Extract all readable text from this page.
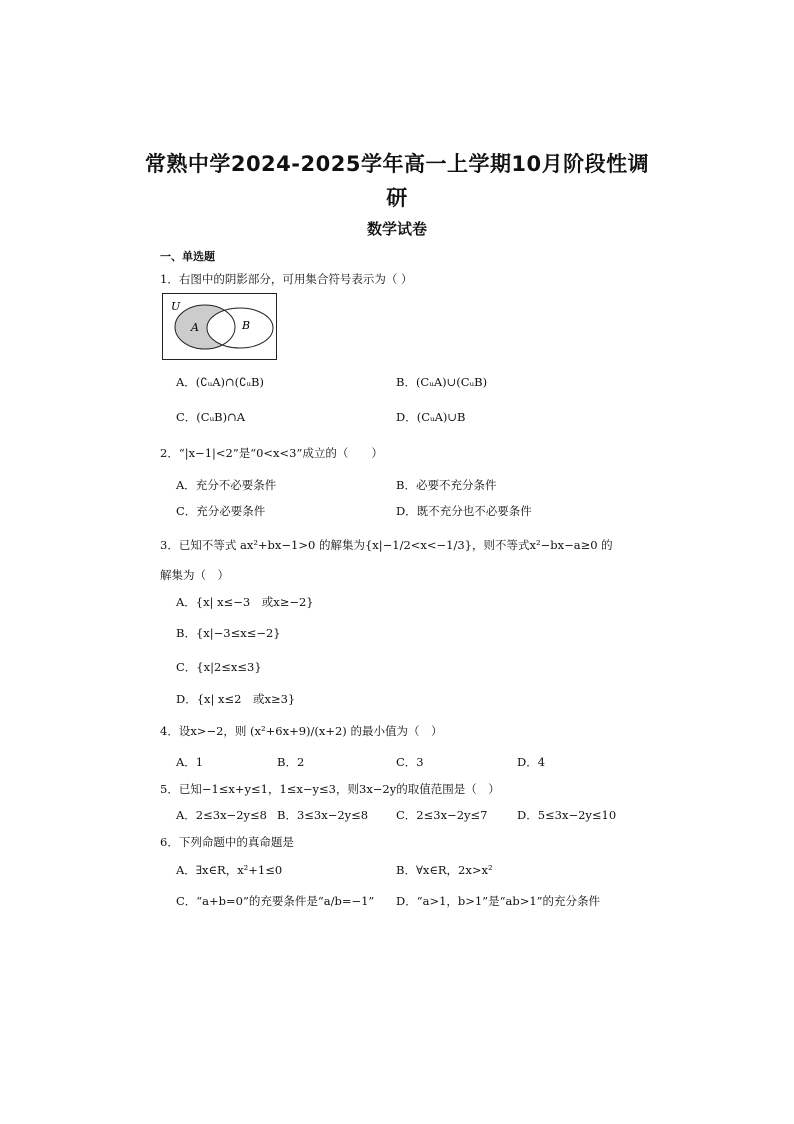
常熟中学2024-2025学年高一上学期10月阶段性调
研
数学试卷
一、单选题
1．右图中的阴影部分，可用集合符号表示为（ ）
U
A	B
A．(∁ᵤA)∩(∁ᵤB)	B．(CᵤA)∪(CᵤB)
C．(CᵤB)∩A	D．(CᵤA)∪B
2．“|x−1|<2”是“0<x<3”成立的（　　）
A．充分不必要条件	B．必要不充分条件
C．充分必要条件	D．既不充分也不必要条件
3．已知不等式 ax²+bx−1>0 的解集为{x|−1/2<x<−1/3}，则不等式x²−bx−a≥0 的
解集为（　）
A．{x| x≤−3　或x≥−2}
B．{x|−3≤x≤−2}
C．{x|2≤x≤3}
D．{x| x≤2　或x≥3}
4．设x>−2，则 (x²+6x+9)/(x+2) 的最小值为（　）
A．1	B．2	C．3	D．4
5．已知−1≤x+y≤1，1≤x−y≤3，则3x−2y的取值范围是（　）
A．2≤3x−2y≤8 B．3≤3x−2y≤8 C．2≤3x−2y≤7	D．5≤3x−2y≤10
6．下列命题中的真命题是
A．∃x∈R，x²+1≤0	B．∀x∈R，2x>x²
C．“a+b=0”的充要条件是“a/b=−1” D．“a>1，b>1”是“ab>1”的充分条件
